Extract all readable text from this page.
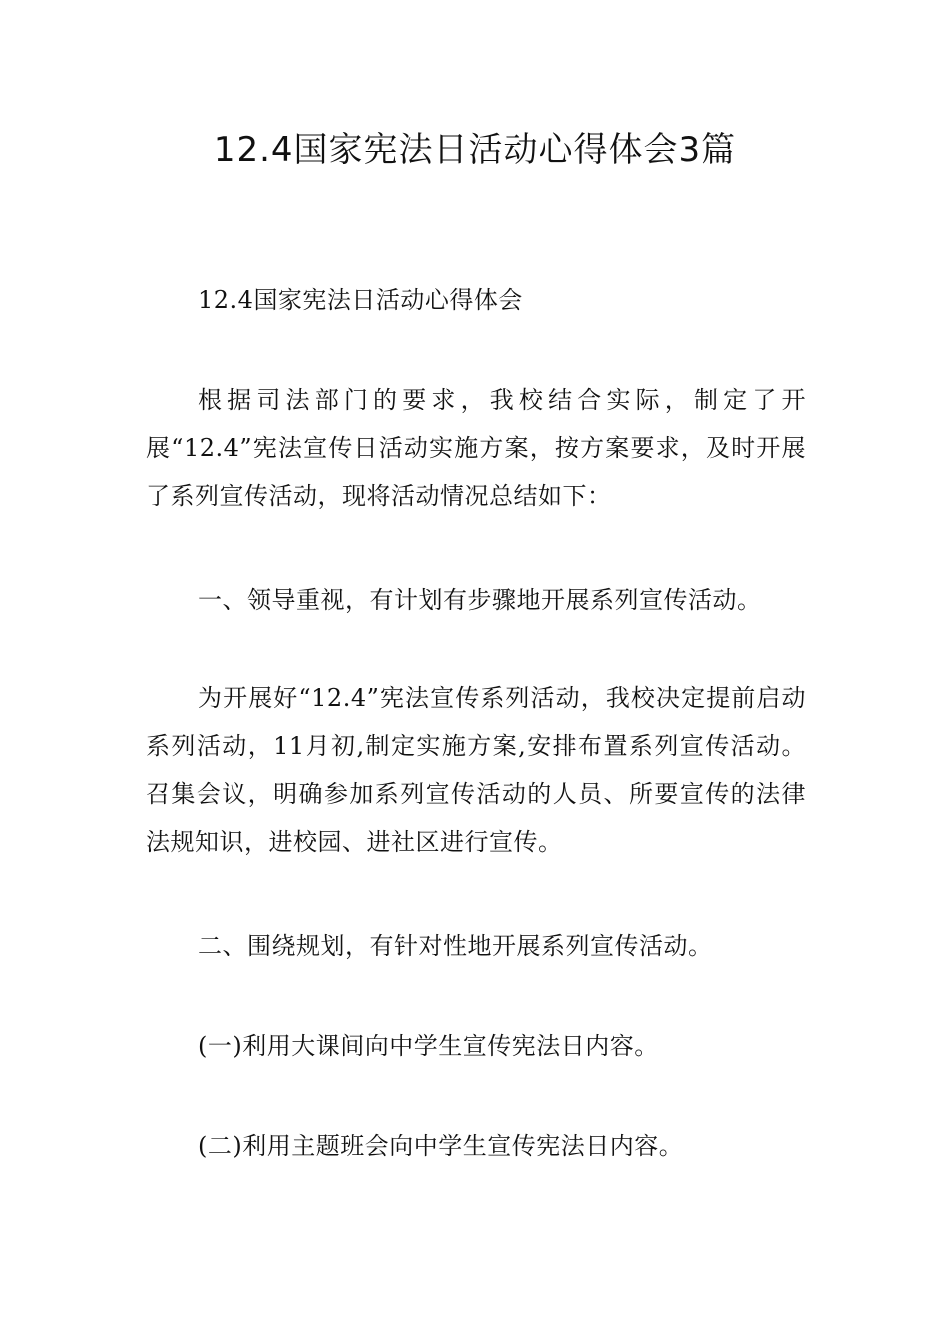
12.4国家宪法日活动心得体会3篇

12.4国家宪法日活动心得体会

根据司法部门的要求，我校结合实际，制定了开展“12.4”宪法宣传日活动实施方案，按方案要求，及时开展了系列宣传活动，现将活动情况总结如下：

一、领导重视，有计划有步骤地开展系列宣传活动。

为开展好“12.4”宪法宣传系列活动，我校决定提前启动系列活动，11月初,制定实施方案,安排布置系列宣传活动。召集会议，明确参加系列宣传活动的人员、所要宣传的法律法规知识，进校园、进社区进行宣传。

二、围绕规划，有针对性地开展系列宣传活动。

(一)利用大课间向中学生宣传宪法日内容。

(二)利用主题班会向中学生宣传宪法日内容。
